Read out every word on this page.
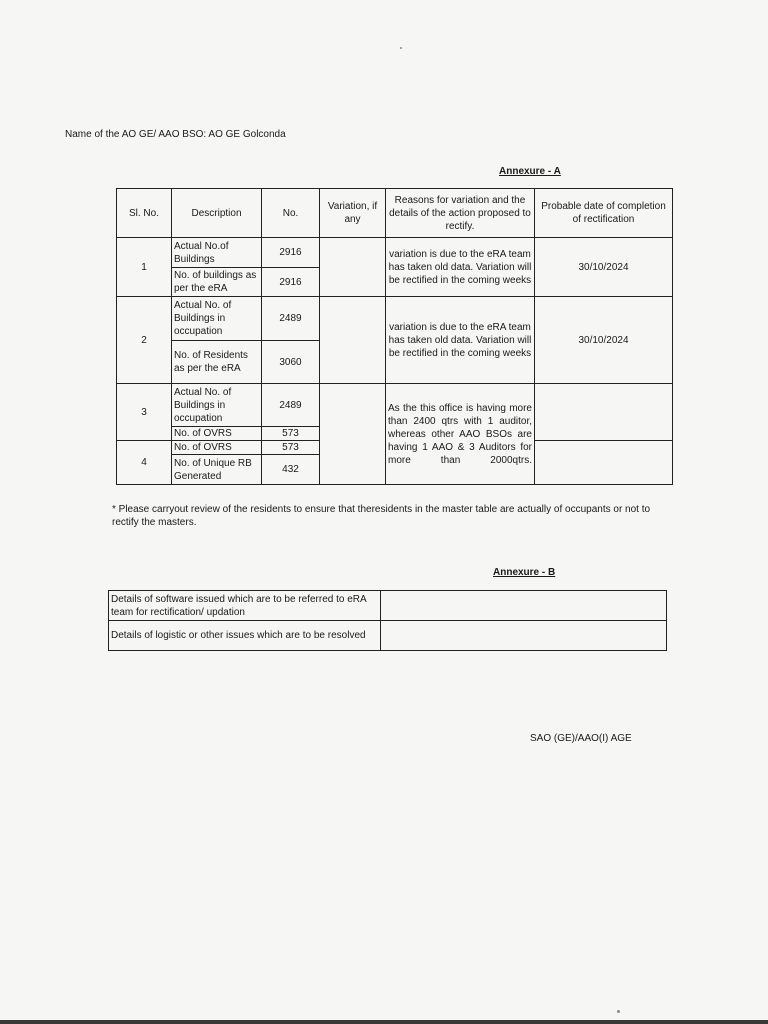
Name of the AO GE/ AAO BSO: AO GE Golconda
Annexure - A
Sl. No.	Description	No.	Variation, if any	Reasons for variation and the details of the action proposed to rectify.	Probable date of completion of rectification
1	Actual No.of Buildings	2916		variation is due to the eRA team has taken old data. Variation will be rectified in the coming weeks	30/10/2024
	No. of buildings as per the eRA	2916			
2	Actual No. of Buildings in occupation	2489		variation is due to the eRA team has taken old data. Variation will be rectified in the coming weeks	30/10/2024
	No. of Residents as per the eRA	3060			
3	Actual No. of Buildings in occupation	2489		As the this office is having more than 2400 qtrs with 1 auditor, whereas other AAO BSOs are having 1 AAO & 3 Auditors for more than 2000qtrs.	
	No. of OVRS	573			
4	No. of OVRS	573			
	No. of Unique RB Generated	432			
* Please carryout review of the residents to ensure that theresidents in the master table are actually of occupants or not to rectify the masters.
Annexure - B
Details of software issued which are to be referred to eRA team for rectification/ updation	
Details of logistic or other issues which are to be resolved	
SAO (GE)/AAO(I) AGE
